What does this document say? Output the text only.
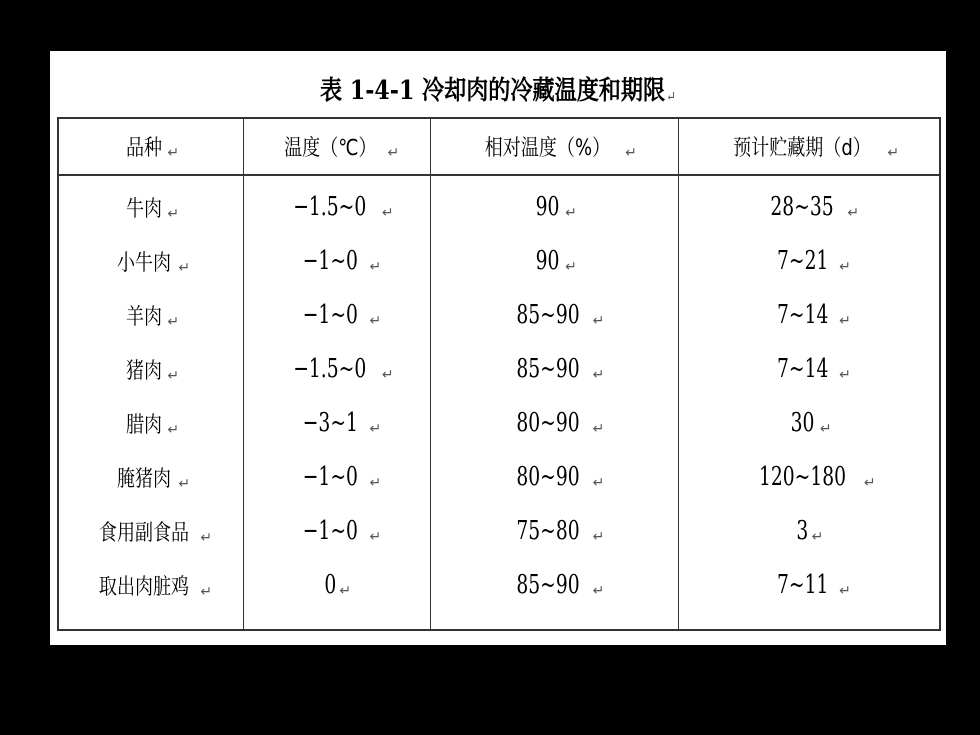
表 1-4-1 冷却肉的冷藏温度和期限↵
品种 ↵	温度（℃） ↵	相对温度（%） ↵	预计贮藏期（d） ↵
牛肉 ↵	−1.5~0 ↵	90 ↵	28~35 ↵
小牛肉 ↵	−1~0 ↵	90 ↵	7~21 ↵
羊肉 ↵	−1~0 ↵	85~90 ↵	7~14 ↵
猪肉 ↵	−1.5~0 ↵	85~90 ↵	7~14 ↵
腊肉 ↵	−3~1 ↵	80~90 ↵	30 ↵
腌猪肉 ↵	−1~0 ↵	80~90 ↵	120~180 ↵
食用副食品 ↵	−1~0 ↵	75~80 ↵	3 ↵
取出肉脏鸡 ↵	0 ↵	85~90 ↵	7~11 ↵
